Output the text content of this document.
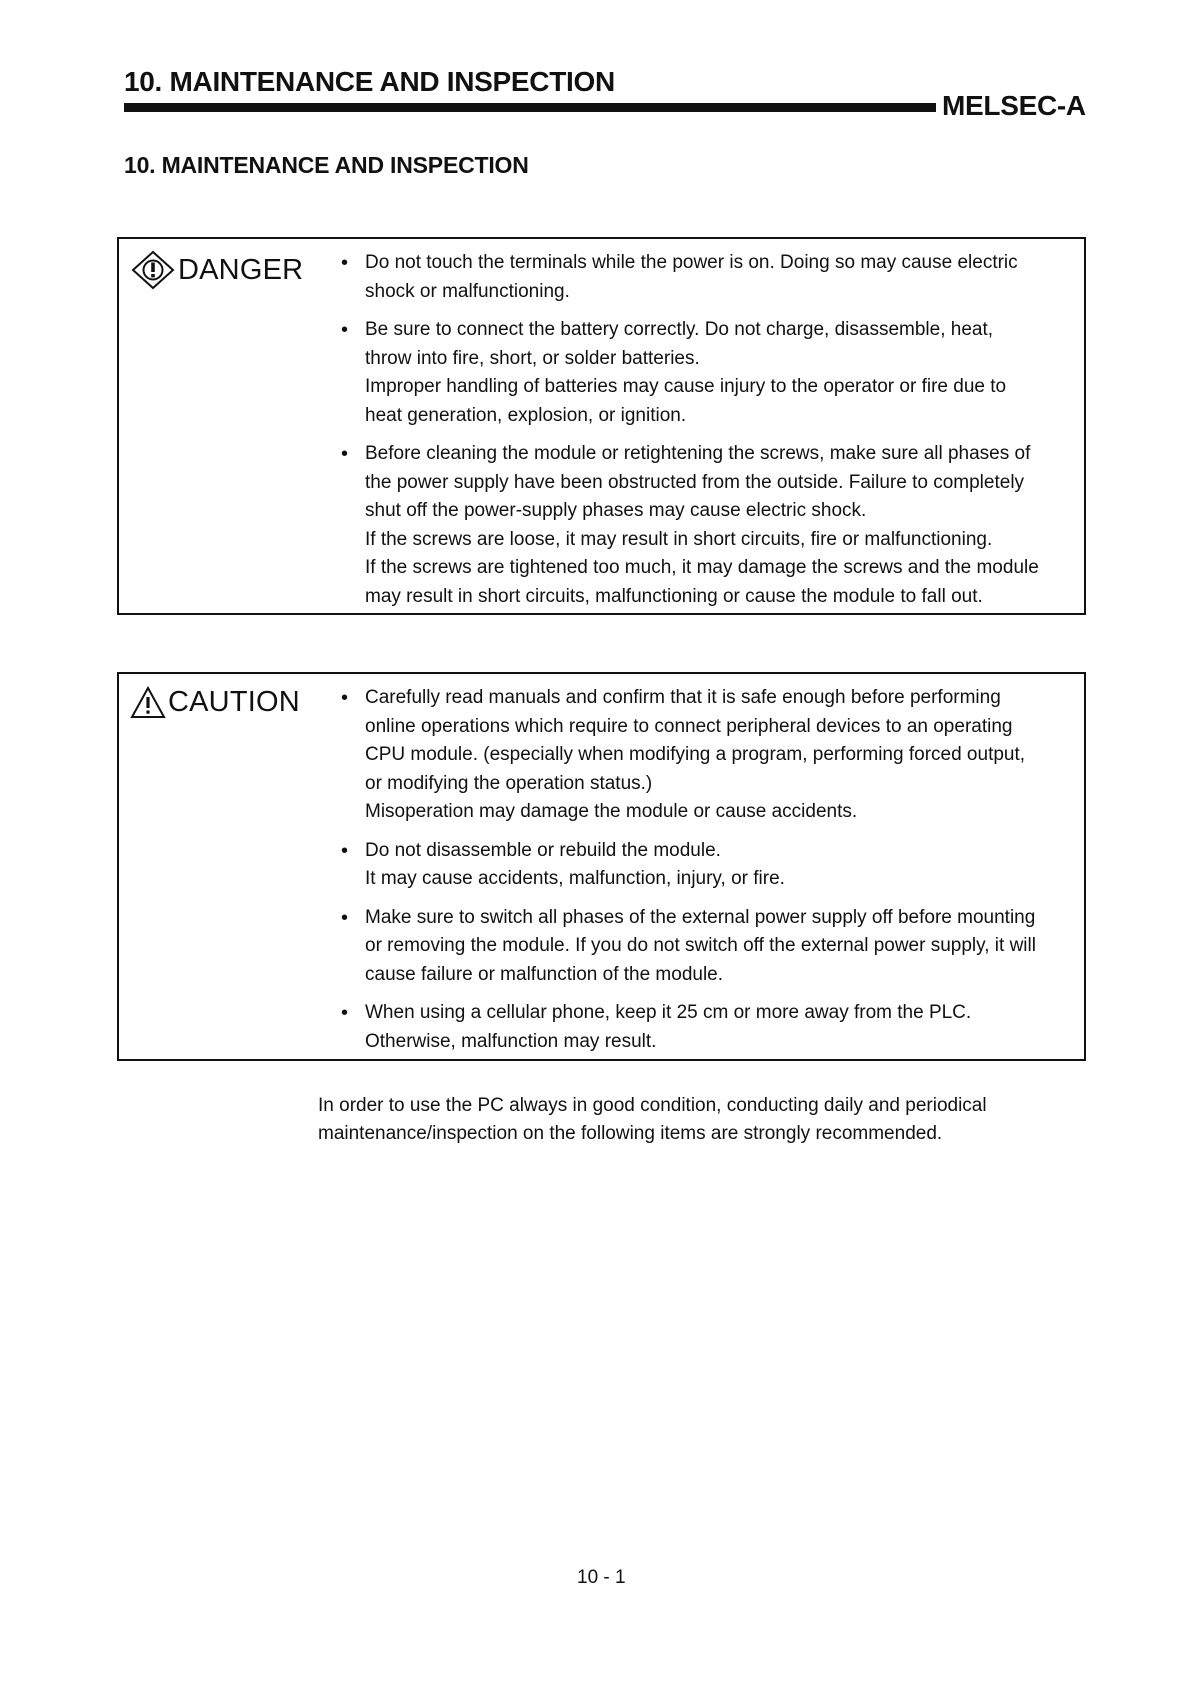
10. MAINTENANCE AND INSPECTION
MELSEC-A
10. MAINTENANCE AND INSPECTION
DANGER	• Do not touch the terminals while the power is on. Doing so may cause electric
shock or malfunctioning.
• Be sure to connect the battery correctly. Do not charge, disassemble, heat,
throw into fire, short, or solder batteries.
Improper handling of batteries may cause injury to the operator or fire due to
heat generation, explosion, or ignition.
• Before cleaning the module or retightening the screws, make sure all phases of
the power supply have been obstructed from the outside. Failure to completely
shut off the power-supply phases may cause electric shock.
If the screws are loose, it may result in short circuits, fire or malfunctioning.
If the screws are tightened too much, it may damage the screws and the module
may result in short circuits, malfunctioning or cause the module to fall out.
CAUTION	• Carefully read manuals and confirm that it is safe enough before performing
online operations which require to connect peripheral devices to an operating
CPU module. (especially when modifying a program, performing forced output,
or modifying the operation status.)
Misoperation may damage the module or cause accidents.
• Do not disassemble or rebuild the module.
It may cause accidents, malfunction, injury, or fire.
• Make sure to switch all phases of the external power supply off before mounting
or removing the module. If you do not switch off the external power supply, it will
cause failure or malfunction of the module.
• When using a cellular phone, keep it 25 cm or more away from the PLC.
Otherwise, malfunction may result.
In order to use the PC always in good condition, conducting daily and periodical
maintenance/inspection on the following items are strongly recommended.
10 - 1
